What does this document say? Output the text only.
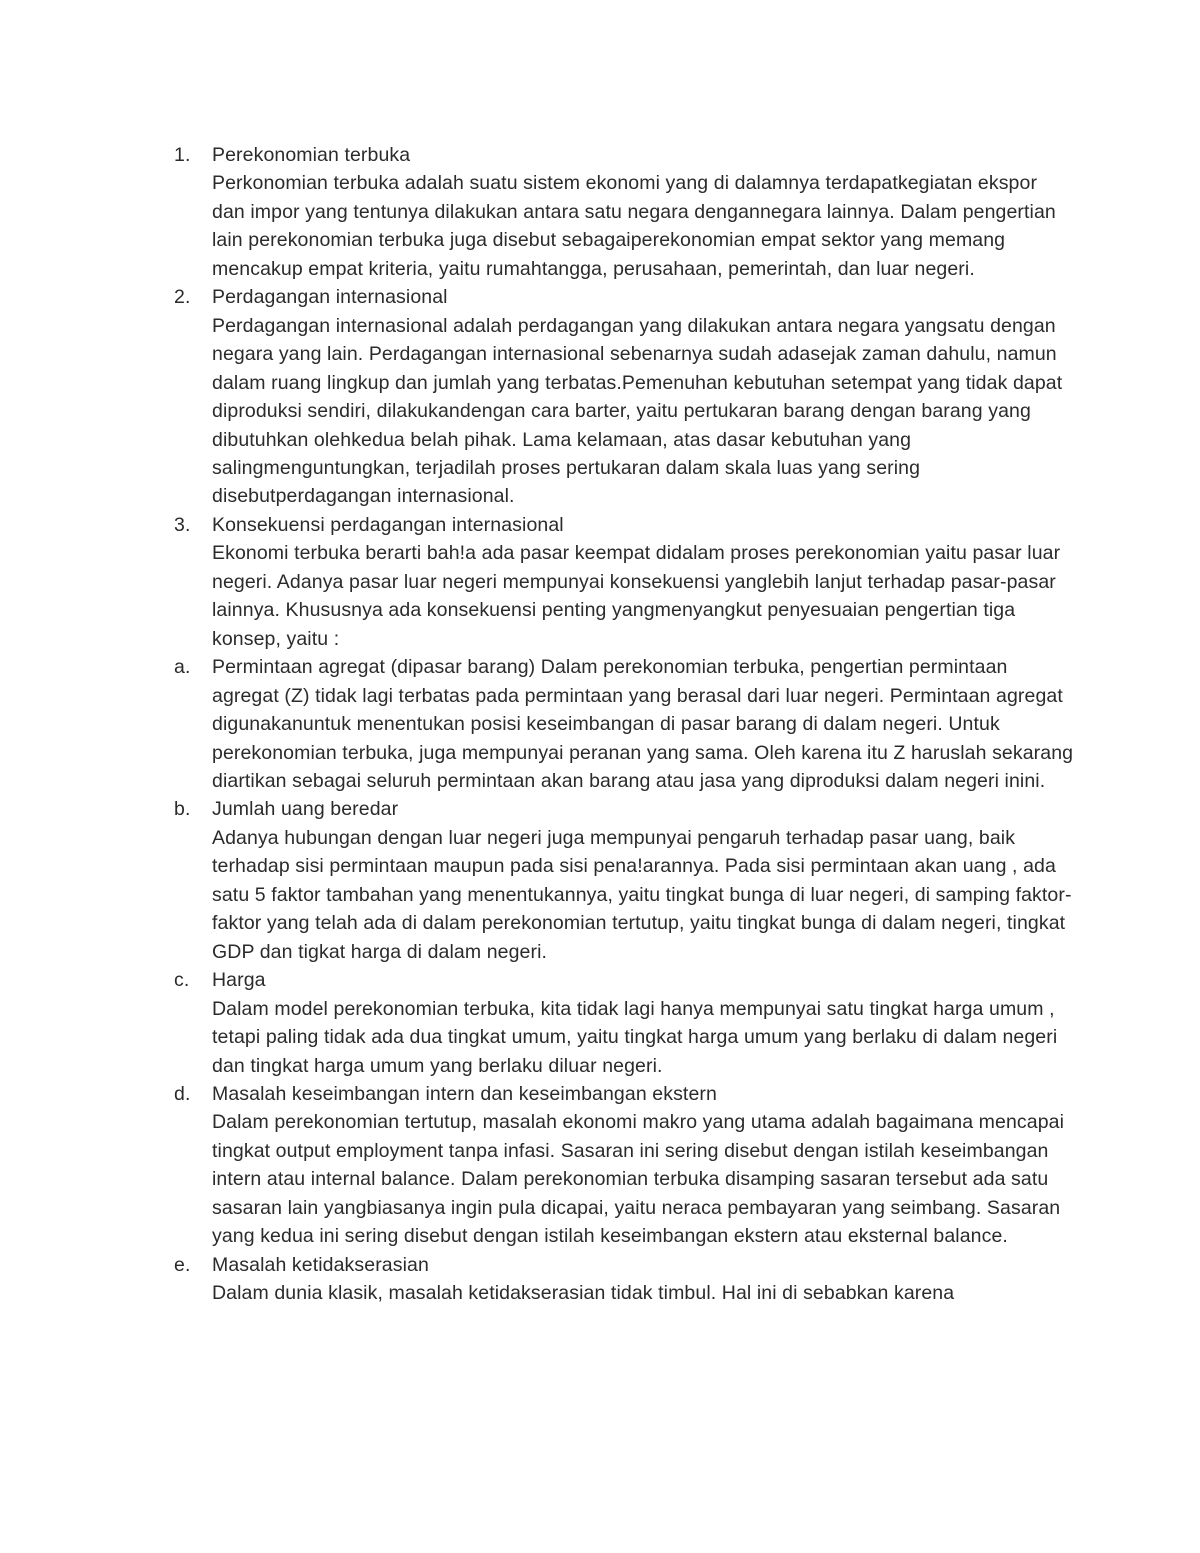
1.	Perekonomian terbuka
Perkonomian terbuka adalah suatu sistem ekonomi yang di dalamnya terdapatkegiatan ekspor dan impor yang tentunya dilakukan antara satu negara dengannegara lainnya. Dalam pengertian lain perekonomian terbuka juga disebut sebagaiperekonomian empat sektor yang memang mencakup empat kriteria, yaitu rumahtangga, perusahaan, pemerintah, dan luar negeri.
2.	Perdagangan internasional
Perdagangan internasional adalah perdagangan yang dilakukan antara negara yangsatu dengan negara yang lain. Perdagangan internasional sebenarnya sudah adasejak zaman dahulu, namun dalam ruang lingkup dan jumlah yang terbatas.Pemenuhan kebutuhan setempat yang tidak dapat diproduksi sendiri, dilakukandengan cara barter, yaitu pertukaran barang dengan barang yang dibutuhkan olehkedua belah pihak. Lama kelamaan, atas dasar kebutuhan yang salingmenguntungkan, terjadilah proses pertukaran dalam skala luas yang sering disebutperdagangan internasional.
3.	Konsekuensi perdagangan internasional
Ekonomi terbuka berarti bah!a ada pasar keempat didalam proses perekonomian yaitu pasar luar negeri. Adanya pasar luar negeri mempunyai konsekuensi yanglebih lanjut terhadap pasar-pasar lainnya. Khususnya ada konsekuensi penting yangmenyangkut penyesuaian pengertian tiga konsep, yaitu :
a.	Permintaan agregat (dipasar barang) Dalam perekonomian terbuka, pengertian permintaan agregat (Z) tidak lagi terbatas pada permintaan yang berasal dari luar negeri. Permintaan agregat digunakanuntuk menentukan posisi keseimbangan di pasar barang di dalam negeri. Untuk perekonomian terbuka, juga mempunyai peranan yang sama. Oleh karena itu Z haruslah sekarang diartikan sebagai seluruh permintaan akan barang atau jasa yang diproduksi dalam negeri inini.
b.	Jumlah uang beredar
Adanya hubungan dengan luar negeri juga mempunyai pengaruh terhadap pasar uang, baik terhadap sisi permintaan maupun pada sisi pena!arannya. Pada sisi permintaan akan uang , ada satu 5 faktor tambahan yang menentukannya, yaitu tingkat bunga di luar negeri, di samping faktor-faktor yang telah ada di dalam perekonomian tertutup, yaitu tingkat bunga di dalam negeri, tingkat GDP dan tigkat harga di dalam negeri.
c.	Harga
Dalam model perekonomian terbuka, kita tidak lagi hanya mempunyai satu tingkat harga umum , tetapi paling tidak ada dua tingkat umum, yaitu tingkat harga umum yang berlaku di dalam negeri dan tingkat harga umum yang berlaku diluar negeri.
d.	Masalah keseimbangan intern dan keseimbangan ekstern
Dalam perekonomian tertutup, masalah ekonomi makro yang utama adalah bagaimana mencapai tingkat output employment tanpa infasi. Sasaran ini sering disebut dengan istilah keseimbangan intern atau internal balance. Dalam perekonomian terbuka disamping sasaran tersebut ada satu sasaran lain yangbiasanya ingin pula dicapai, yaitu neraca pembayaran yang seimbang. Sasaran yang kedua ini sering disebut dengan istilah keseimbangan ekstern atau eksternal balance.
e.	Masalah ketidakserasian
Dalam dunia klasik, masalah ketidakserasian tidak timbul. Hal ini di sebabkan karena
